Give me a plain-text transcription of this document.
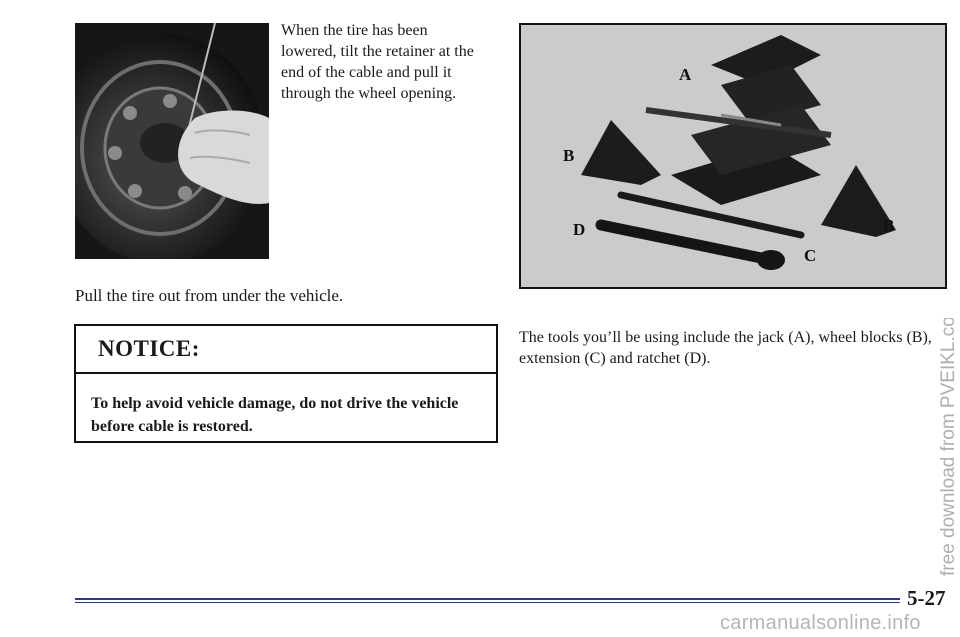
When the tire has been lowered, tilt the retainer at the end of the cable and pull it through the wheel opening.
A
B
B
C
D
Pull the tire out from under the vehicle.
NOTICE:
To help avoid vehicle damage, do not drive the vehicle before cable is restored.
The tools you’ll be using include the jack (A), wheel blocks (B), extension (C) and ratchet (D).
5-27
free download from PVEIKL.com
carmanualsonline.info
